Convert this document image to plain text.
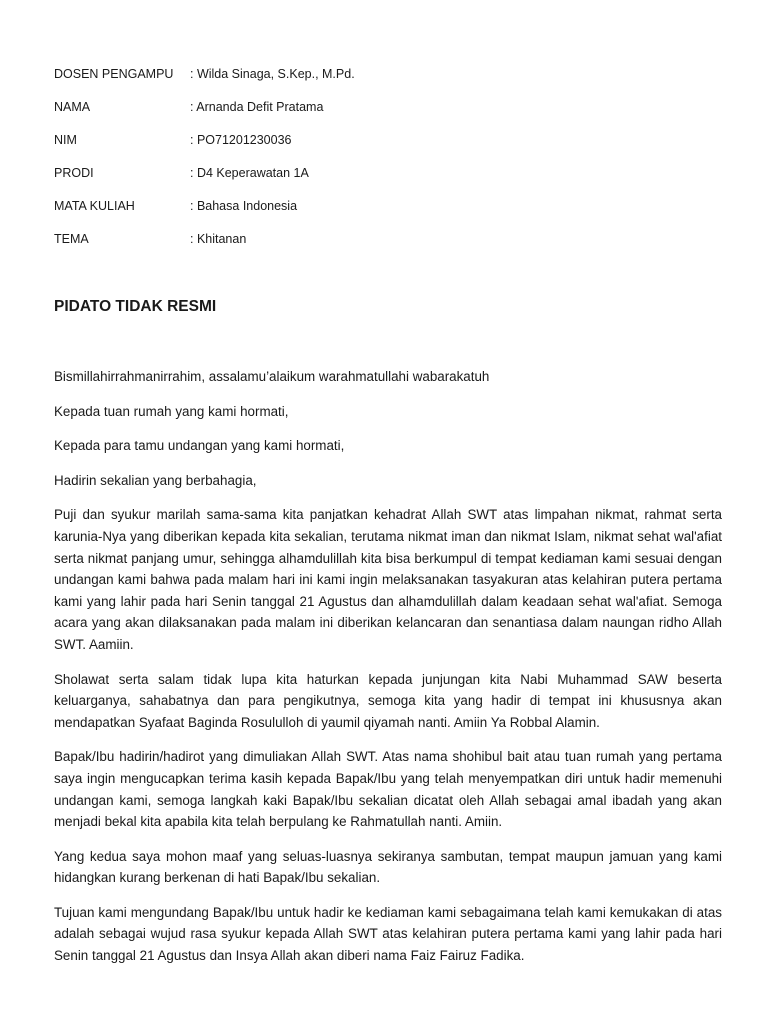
DOSEN PENGAMPU	: Wilda Sinaga, S.Kep., M.Pd.
NAMA	: Arnanda Defit Pratama
NIM	: PO71201230036
PRODI	: D4 Keperawatan 1A
MATA KULIAH	: Bahasa Indonesia
TEMA	: Khitanan
PIDATO TIDAK RESMI

Bismillahirrahmanirrahim, assalamu’alaikum warahmatullahi wabarakatuh

Kepada tuan rumah yang kami hormati,

Kepada para tamu undangan yang kami hormati,

Hadirin sekalian yang berbahagia,

Puji dan syukur marilah sama-sama kita panjatkan kehadrat Allah SWT atas limpahan nikmat, rahmat serta karunia-Nya yang diberikan kepada kita sekalian, terutama nikmat iman dan nikmat Islam, nikmat sehat wal'afiat serta nikmat panjang umur, sehingga alhamdulillah kita bisa berkumpul di tempat kediaman kami sesuai dengan undangan kami bahwa pada malam hari ini kami ingin melaksanakan tasyakuran atas kelahiran putera pertama kami yang lahir pada hari Senin tanggal 21 Agustus dan alhamdulillah dalam keadaan sehat wal'afiat. Semoga acara yang akan dilaksanakan pada malam ini diberikan kelancaran dan senantiasa dalam naungan ridho Allah SWT. Aamiin.

Sholawat serta salam tidak lupa kita haturkan kepada junjungan kita Nabi Muhammad SAW beserta keluarganya, sahabatnya dan para pengikutnya, semoga kita yang hadir di tempat ini khususnya akan mendapatkan Syafaat Baginda Rosululloh di yaumil qiyamah nanti. Amiin Ya Robbal Alamin.

Bapak/Ibu hadirin/hadirot yang dimuliakan Allah SWT. Atas nama shohibul bait atau tuan rumah yang pertama saya ingin mengucapkan terima kasih kepada Bapak/Ibu yang telah menyempatkan diri untuk hadir memenuhi undangan kami, semoga langkah kaki Bapak/Ibu sekalian dicatat oleh Allah sebagai amal ibadah yang akan menjadi bekal kita apabila kita telah berpulang ke Rahmatullah nanti. Amiin.

Yang kedua saya mohon maaf yang seluas-luasnya sekiranya sambutan, tempat maupun jamuan yang kami hidangkan kurang berkenan di hati Bapak/Ibu sekalian.

Tujuan kami mengundang Bapak/Ibu untuk hadir ke kediaman kami sebagaimana telah kami kemukakan di atas adalah sebagai wujud rasa syukur kepada Allah SWT atas kelahiran putera pertama kami yang lahir pada hari Senin tanggal 21 Agustus dan Insya Allah akan diberi nama Faiz Fairuz Fadika.
